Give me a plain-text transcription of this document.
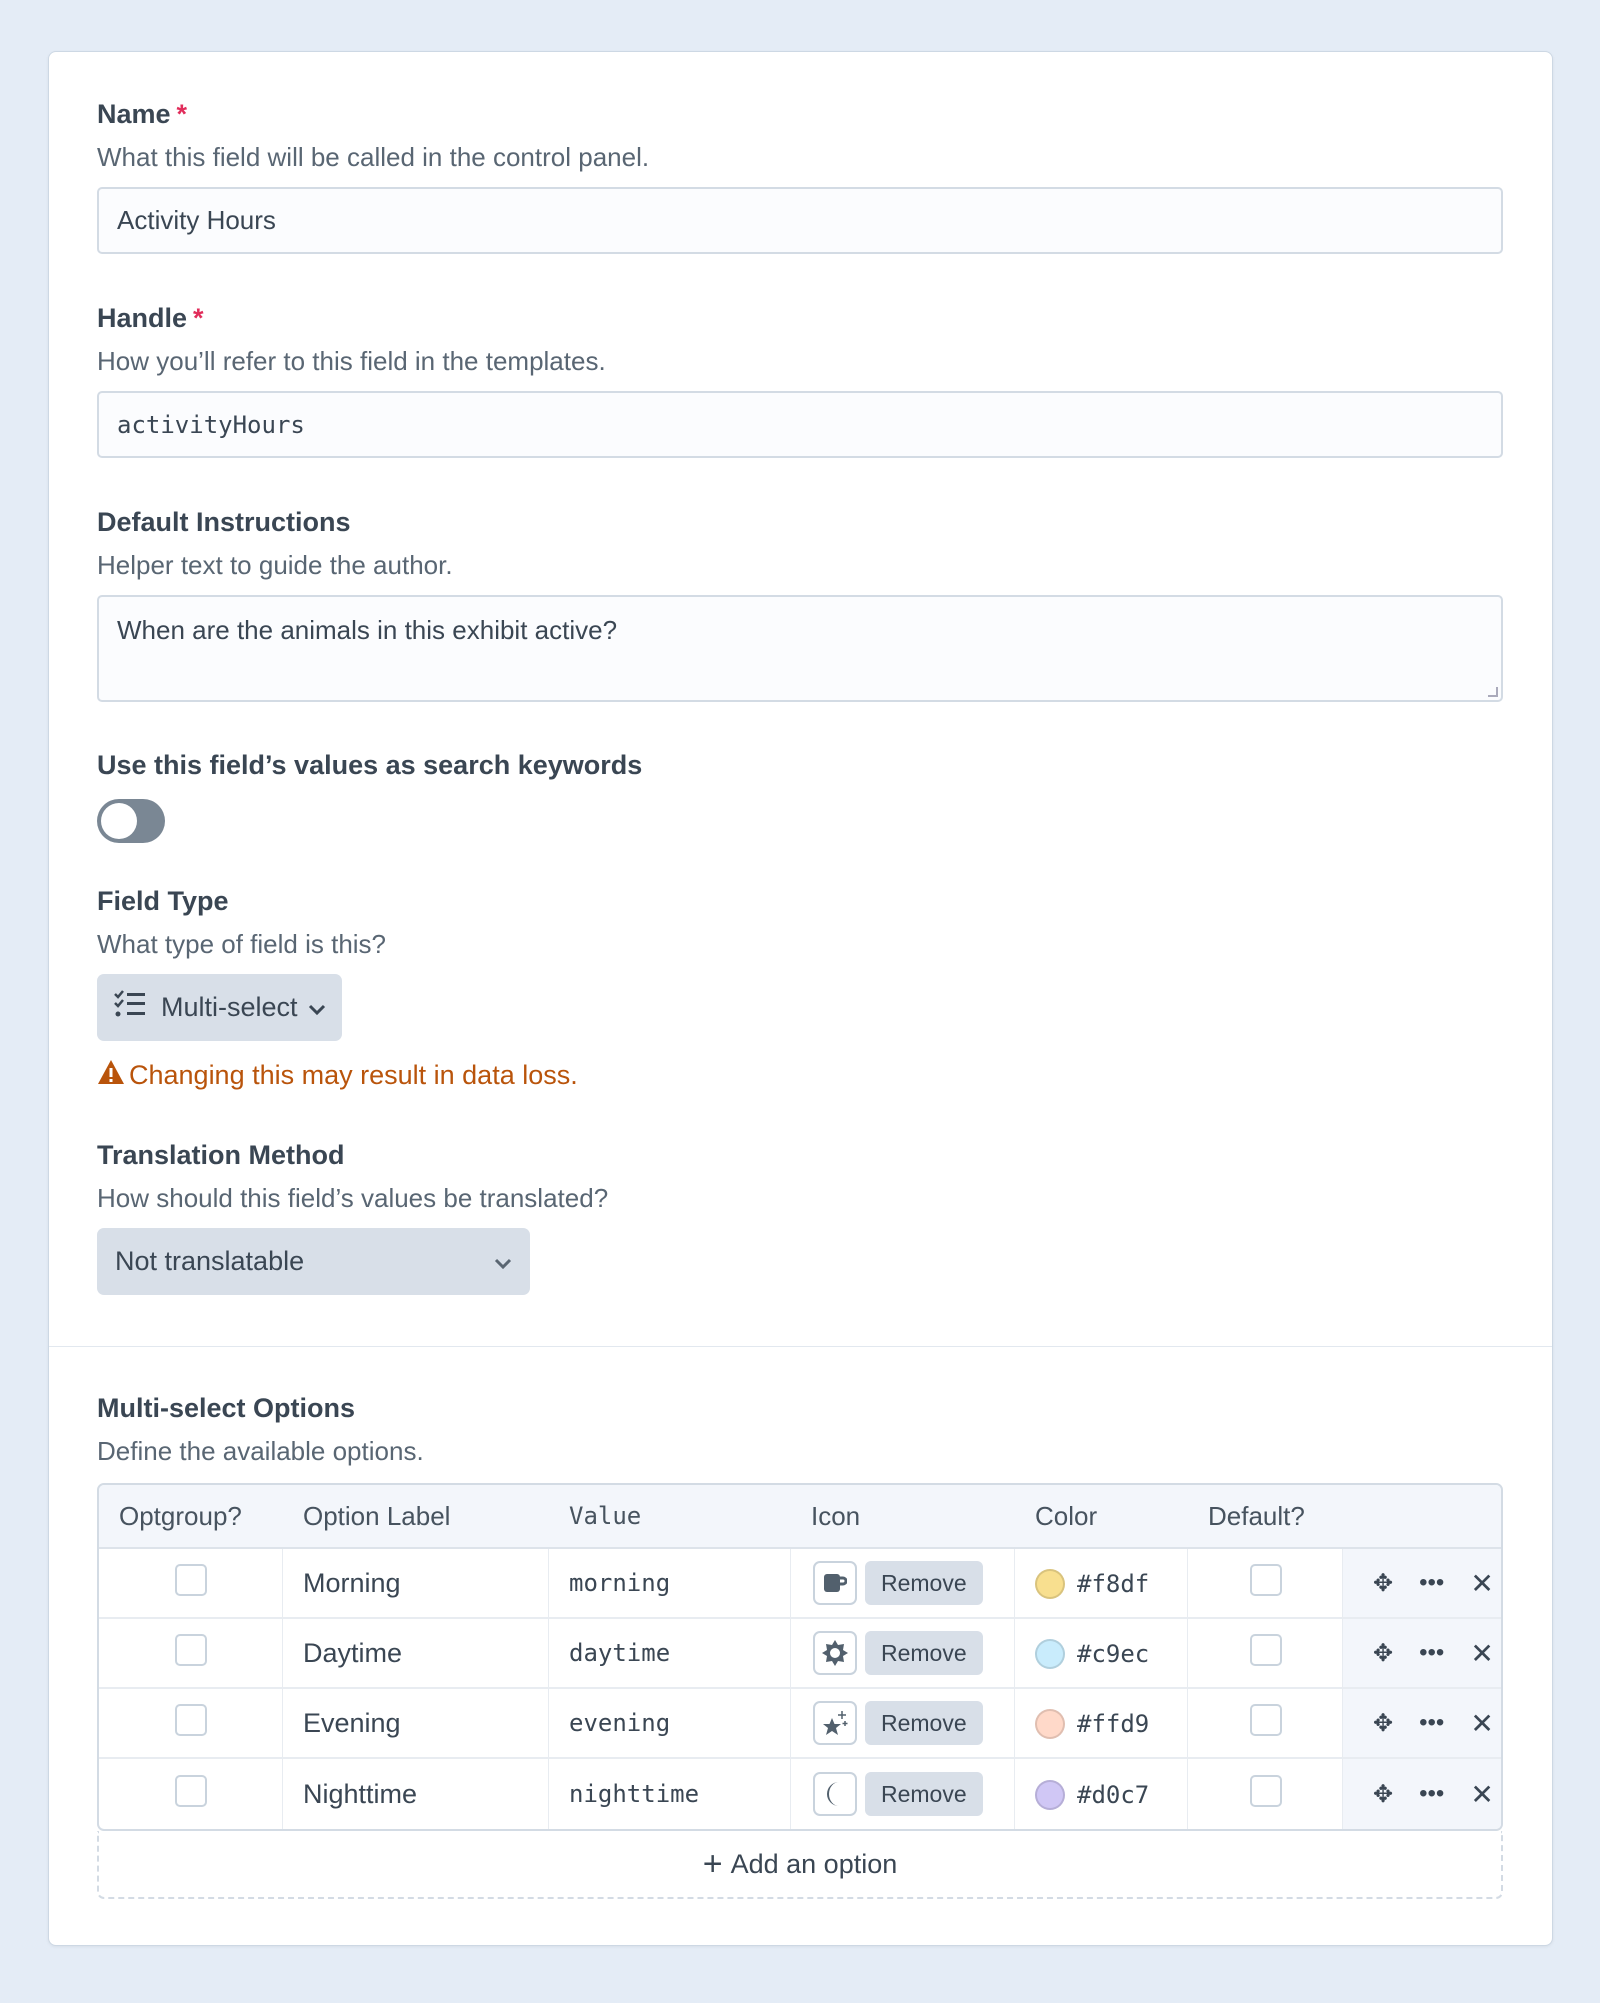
Name *
What this field will be called in the control panel.
Activity Hours
Handle *
How you’ll refer to this field in the templates.
activityHours
Default Instructions
Helper text to guide the author.
When are the animals in this exhibit active?
Use this field’s values as search keywords
Field Type
What type of field is this?
Multi-select
Changing this may result in data loss.
Translation Method
How should this field’s values be translated?
Not translatable
Multi-select Options
Define the available options.
Optgroup?	Option Label	Value	Icon	Color	Default?	
	Morning	morning	Remove	#f8df		✥ ••• ✕

	Daytime	daytime	Remove	#c9ec		✥ ••• ✕

	Evening	evening	Remove	#ffd9		✥ ••• ✕

	Nighttime	nighttime	Remove	#d0c7		✥ ••• ✕
+ Add an option
